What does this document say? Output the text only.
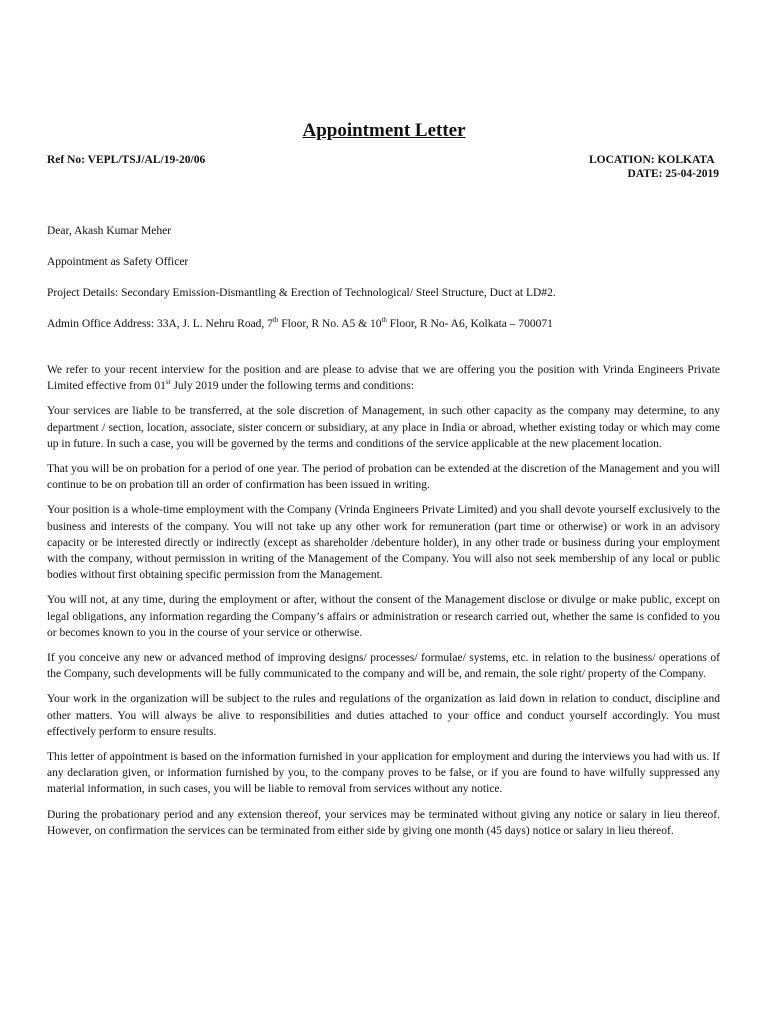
Appointment Letter
Ref No: VEPL/TSJ/AL/19-20/06	LOCATION: KOLKATA
DATE: 25-04-2019

Dear, Akash Kumar Meher

Appointment as Safety Officer

Project Details: Secondary Emission-Dismantling & Erection of Technological/ Steel Structure, Duct at LD#2.

Admin Office Address: 33A, J. L. Nehru Road, 7th Floor, R No. A5 & 10th Floor, R No- A6, Kolkata – 700071

We refer to your recent interview for the position and are please to advise that we are offering you the position with Vrinda Engineers Private Limited effective from 01st July 2019 under the following terms and conditions:

Your services are liable to be transferred, at the sole discretion of Management, in such other capacity as the company may determine, to any department / section, location, associate, sister concern or subsidiary, at any place in India or abroad, whether existing today or which may come up in future. In such a case, you will be governed by the terms and conditions of the service applicable at the new placement location.

That you will be on probation for a period of one year. The period of probation can be extended at the discretion of the Management and you will continue to be on probation till an order of confirmation has been issued in writing.

Your position is a whole-time employment with the Company (Vrinda Engineers Private Limited) and you shall devote yourself exclusively to the business and interests of the company. You will not take up any other work for remuneration (part time or otherwise) or work in an advisory capacity or be interested directly or indirectly (except as shareholder /debenture holder), in any other trade or business during your employment with the company, without permission in writing of the Management of the Company. You will also not seek membership of any local or public bodies without first obtaining specific permission from the Management.

You will not, at any time, during the employment or after, without the consent of the Management disclose or divulge or make public, except on legal obligations, any information regarding the Company’s affairs or administration or research carried out, whether the same is confided to you or becomes known to you in the course of your service or otherwise.

If you conceive any new or advanced method of improving designs/ processes/ formulae/ systems, etc. in relation to the business/ operations of the Company, such developments will be fully communicated to the company and will be, and remain, the sole right/ property of the Company.

Your work in the organization will be subject to the rules and regulations of the organization as laid down in relation to conduct, discipline and other matters. You will always be alive to responsibilities and duties attached to your office and conduct yourself accordingly. You must effectively perform to ensure results.

This letter of appointment is based on the information furnished in your application for employment and during the interviews you had with us. If any declaration given, or information furnished by you, to the company proves to be false, or if you are found to have wilfully suppressed any material information, in such cases, you will be liable to removal from services without any notice.

During the probationary period and any extension thereof, your services may be terminated without giving any notice or salary in lieu thereof. However, on confirmation the services can be terminated from either side by giving one month (45 days) notice or salary in lieu thereof.
